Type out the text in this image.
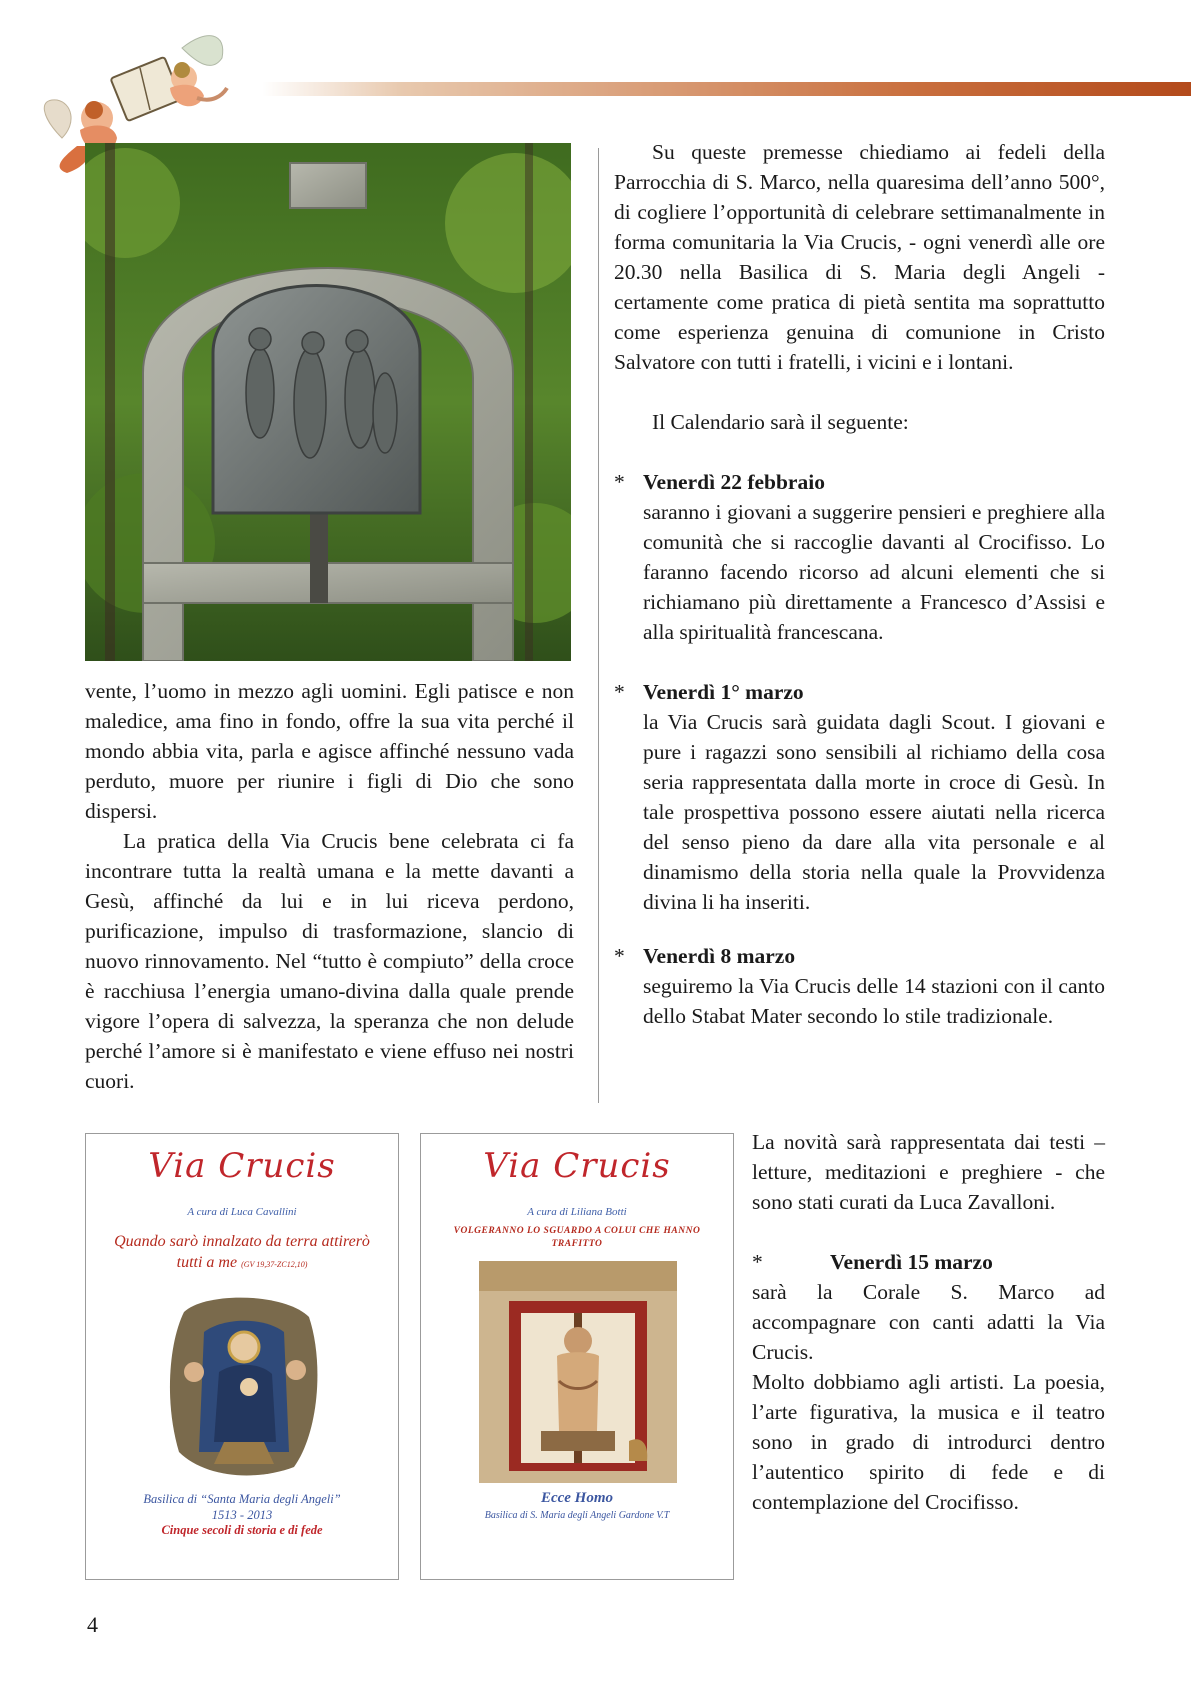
vente, l’uomo in mezzo agli uomini. Egli patisce e non maledice, ama fino in fondo, offre la sua vita perché il mondo abbia vita, parla e agisce affinché nessuno vada perduto, muore per riunire i figli di Dio che sono dispersi.

La pratica della Via Crucis bene celebrata ci fa incontrare tutta la realtà umana e la mette davanti a Gesù, affinché da lui e in lui riceva perdono, purificazione, impulso di trasformazione, slancio di nuovo rinnovamento. Nel “tutto è compiuto” della croce è racchiusa l’energia umano-divina dalla quale prende vigore l’opera di salvezza, la speranza che non delude perché l’amore si è manifestato e viene effuso nei nostri cuori.

Su queste premesse chiediamo ai fedeli della Parrocchia di S. Marco, nella quaresima dell’anno 500°, di cogliere l’opportunità di celebrare settimanalmente in forma comunitaria la Via Crucis, - ogni venerdì alle ore 20.30 nella Basilica di S. Maria degli Angeli - certamente come pratica di pietà sentita ma soprattutto come esperienza genuina di comunione in Cristo Salvatore con tutti i fratelli, i vicini e i lontani.

Il Calendario sarà il seguente:

* Venerdì 22 febbraio

saranno i giovani a suggerire pensieri e preghiere alla comunità che si raccoglie davanti al Crocifisso. Lo faranno facendo ricorso ad alcuni elementi che si richiamano più direttamente a Francesco d’Assisi e alla spiritualità francescana.

* Venerdì 1° marzo

la Via Crucis sarà guidata dagli Scout. I giovani e pure i ragazzi sono sensibili al richiamo della cosa seria rappresentata dalla morte in croce di Gesù. In tale prospettiva possono essere aiutati nella ricerca del senso pieno da dare alla vita personale e al dinamismo della storia nella quale la Provvidenza divina li ha inseriti.

* Venerdì 8 marzo

seguiremo la Via Crucis delle 14 stazioni con il canto dello Stabat Mater secondo lo stile tradizionale.

La novità sarà rappresentata dai testi – letture, meditazioni e preghiere - che sono stati curati da Luca Zavalloni.

*	Venerdì 15 marzo

sarà la Corale S. Marco ad accompagnare con canti adatti la Via Crucis.

Molto dobbiamo agli artisti. La poesia, l’arte figurativa, la musica e il teatro sono in grado di introdurci dentro l’autentico spirito di fede e di contemplazione del Crocifisso.

Via Crucis
A cura di Luca Cavallini
Quando sarò innalzato da terra attirerò tutti a me (GV 19,37-ZC12,10)
Basilica di “Santa Maria degli Angeli”
1513 - 2013
Cinque secoli di storia e di fede
Via Crucis
A cura di Liliana Botti
VOLGERANNO LO SGUARDO A COLUI CHE HANNO TRAFITTO
Ecce Homo
Basilica di S. Maria degli Angeli Gardone V.T
4
